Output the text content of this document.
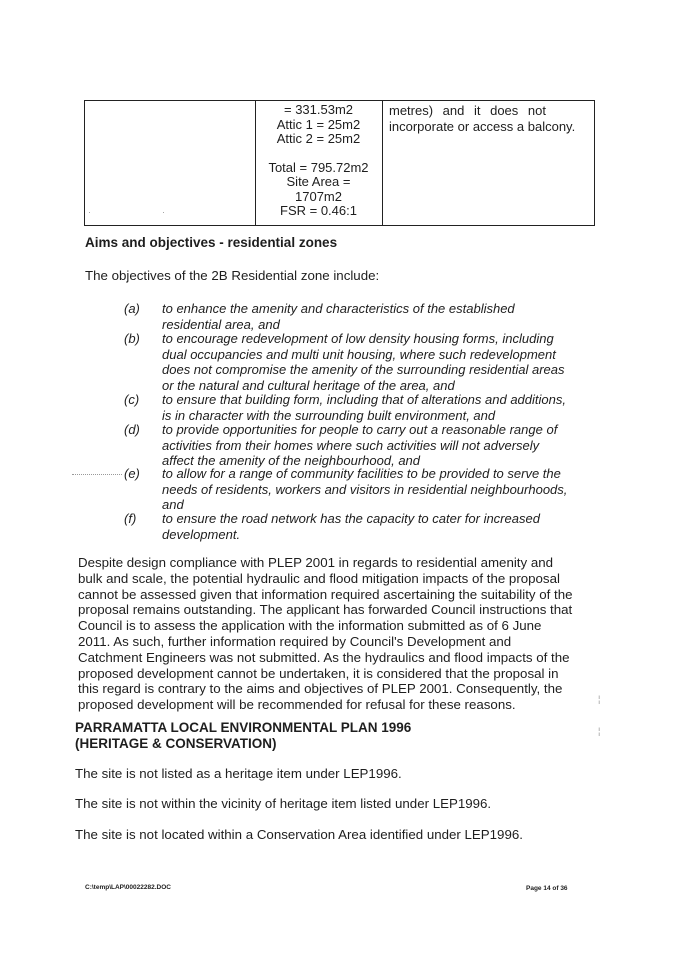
= 331.53m2
Attic 1 = 25m2
Attic 2 = 25m2
Total = 795.72m2
Site Area =
1707m2
FSR = 0.46:1
metres) and it does not
incorporate or access a balcony.
Aims and objectives - residential zones
The objectives of the 2B Residential zone include:
(a) to enhance the amenity and characteristics of the established
residential area, and
(b) to encourage redevelopment of low density housing forms, including
dual occupancies and multi unit housing, where such redevelopment
does not compromise the amenity of the surrounding residential areas
or the natural and cultural heritage of the area, and
(c) to ensure that building form, including that of alterations and additions,
is in character with the surrounding built environment, and
(d) to provide opportunities for people to carry out a reasonable range of
activities from their homes where such activities will not adversely
affect the amenity of the neighbourhood, and
(e) to allow for a range of community facilities to be provided to serve the
needs of residents, workers and visitors in residential neighbourhoods,
and
(f) to ensure the road network has the capacity to cater for increased
development.
Despite design compliance with PLEP 2001 in regards to residential amenity and
bulk and scale, the potential hydraulic and flood mitigation impacts of the proposal
cannot be assessed given that information required ascertaining the suitability of the
proposal remains outstanding. The applicant has forwarded Council instructions that
Council is to assess the application with the information submitted as of 6 June
2011. As such, further information required by Council's Development and
Catchment Engineers was not submitted. As the hydraulics and flood impacts of the
proposed development cannot be undertaken, it is considered that the proposal in
this regard is contrary to the aims and objectives of PLEP 2001. Consequently, the
proposed development will be recommended for refusal for these reasons.
PARRAMATTA LOCAL ENVIRONMENTAL PLAN 1996
(HERITAGE & CONSERVATION)
The site is not listed as a heritage item under LEP1996.
The site is not within the vicinity of heritage item listed under LEP1996.
The site is not located within a Conservation Area identified under LEP1996.
·	·
¦
¦
C:\temp\LAP\00022282.DOC	Page 14 of 36
